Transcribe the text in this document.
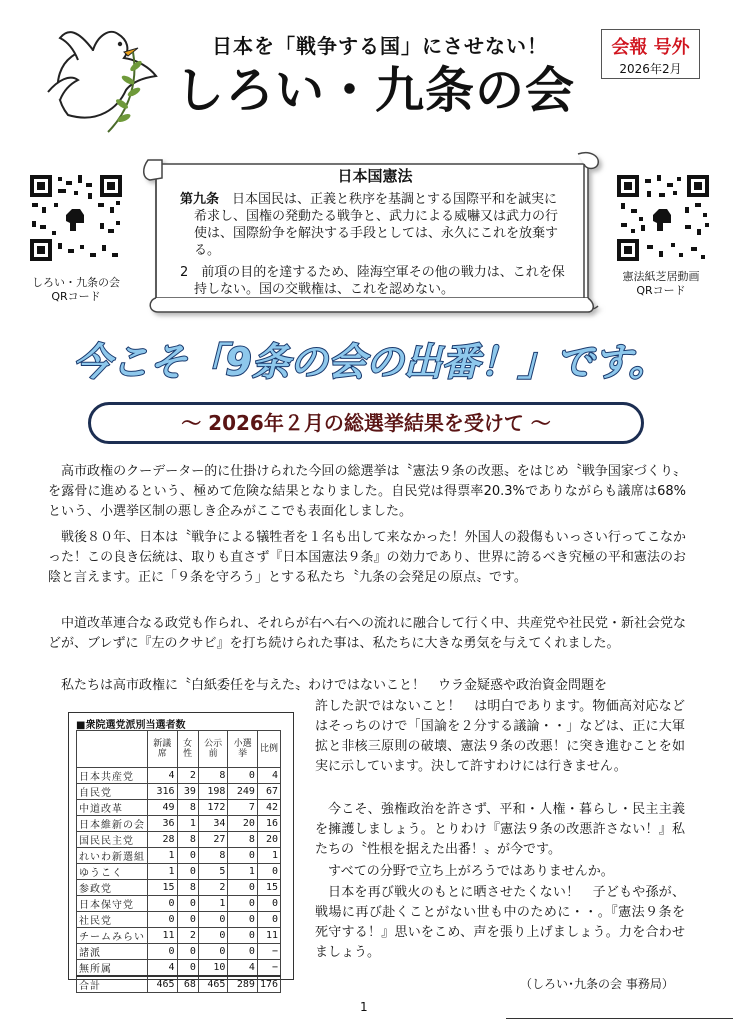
日本を「戦争する国」にさせない！
しろい・九条の会
会報 号外
2026年2月
しろい・九条の会
QRコード
憲法紙芝居動画
QRコード
日本国憲法

第九条　 日本国民は、正義と秩序を基調とする国際平和を誠実に希求し、国権の発動たる戦争と、武力による威嚇又は武力の行使は、国際紛争を解決する手段としては、永久にこれを放棄する。

2　前項の目的を達するため、陸海空軍その他の戦力は、これを保持しない。国の交戦権は、これを認めない。

今こそ「9条の会の出番！」です。
～ 2026年２月の総選挙結果を受けて ～

高市政権のクーデーター的に仕掛けられた今回の総選挙は〝憲法９条の改悪〟をはじめ〝戦争国家づくり〟を露骨に進めるという、極めて危険な結果となりました。自民党は得票率20.3%でありながらも議席は68%という、小選挙区制の悪しき企みがここでも表面化しました。

戦後８０年、日本は〝戦争による犠牲者を１名も出して来なかった！外国人の殺傷もいっさい行ってこなかった！この良き伝統は、取りも直さず『日本国憲法９条』の効力であり、世界に誇るべき究極の平和憲法のお陰と言えます。正に「９条を守ろう」とする私たち〝九条の会発足の原点〟です。

中道改革連合なる政党も作られ、それらが右へ右への流れに融合して行く中、共産党や社民党・新社会党などが、ブレずに『左のクサビ』を打ち続けられた事は、私たちに大きな勇気を与えてくれました。

私たちは高市政権に〝白紙委任を与えた〟わけではないこと！　ウラ金疑惑や政治資金問題を

許した訳ではないこと！　は明白であります。物価高対応などはそっちのけで「国論を２分する議論・・」などは、正に大軍拡と非核三原則の破壊、憲法９条の改悪！に突き進むことを如実に示しています。決して許すわけには行きません。

今こそ、強権政治を許さず、平和・人権・暮らし・民主主義を擁護しましょう。とりわけ『憲法９条の改悪許さない！』私たちの〝性根を据えた出番！〟が今です。

すべての分野で立ち上がろうではありませんか。

日本を再び戦火のもとに晒させたくない！　子どもや孫が、戦場に再び赴くことがない世も中のために・・。『憲法９条を死守する！』思いをこめ、声を張り上げましょう。力を合わせましょう。

（しろい･九条の会 事務局）
1
■衆院選党派別当選者数
	新議席	女性	公示前	小選挙	比例
日本共産党	4	2	8	0	4
自民党	316	39	198	249	67
中道改革	49	8	172	7	42
日本維新の会	36	1	34	20	16
国民民主党	28	8	27	8	20
れいわ新選組	1	0	8	0	1
ゆうこく	1	0	5	1	0
参政党	15	8	2	0	15
日本保守党	0	0	1	0	0
社民党	0	0	0	0	0
チームみらい	11	2	0	0	11
諸派	0	0	0	0	−
無所属	4	0	10	4	−
合計	465	68	465	289	176
